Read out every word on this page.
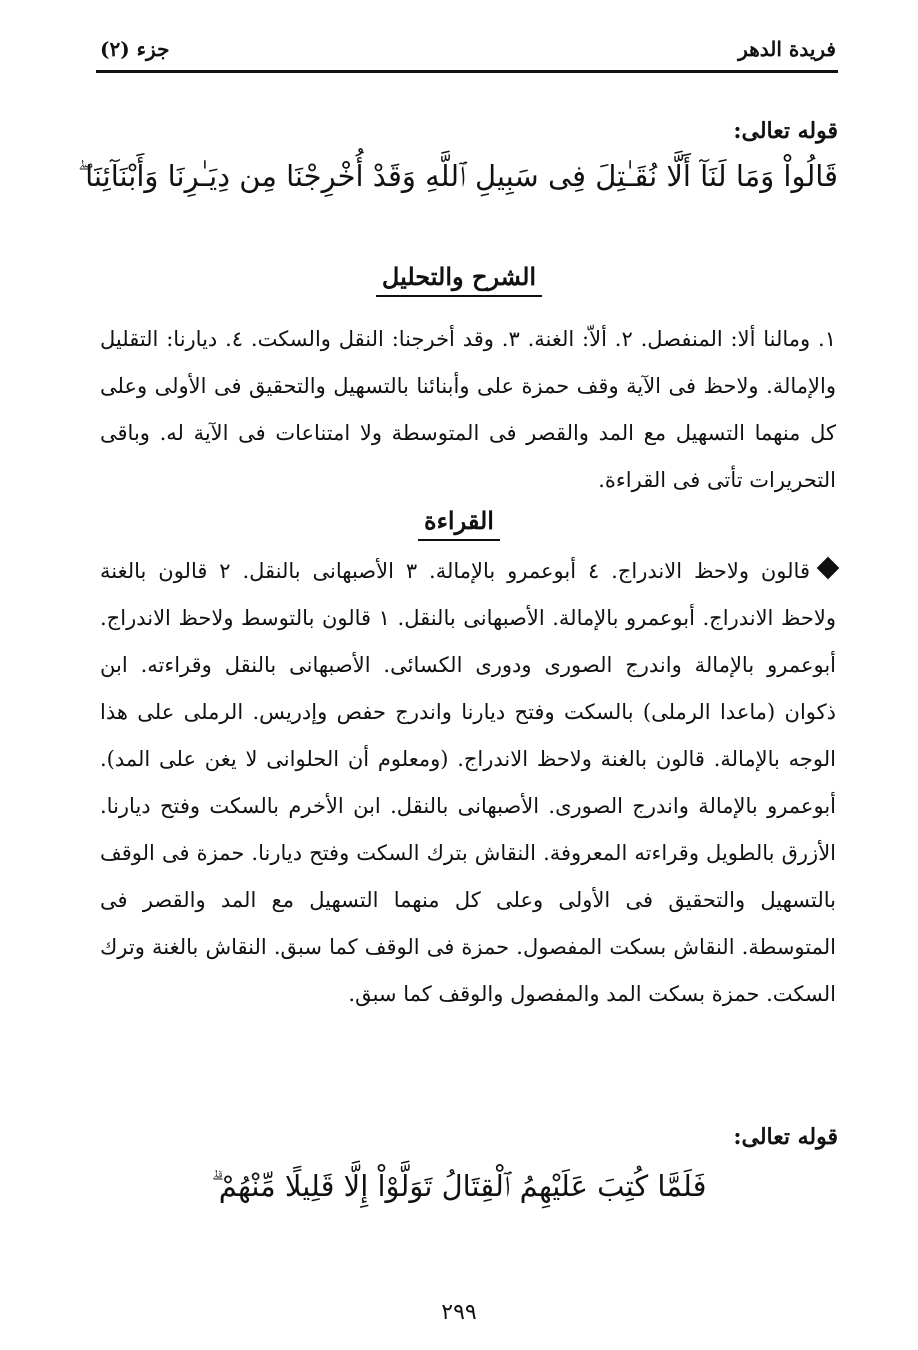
فريدة الدهر
جزء (٢)
قوله تعالى:
قَالُواْ وَمَا لَنَآ أَلَّا نُقَـٰتِلَ فِى سَبِيلِ ٱللَّهِ وَقَدْ أُخْرِجْنَا مِن دِيَـٰرِنَا وَأَبْنَآئِنَا ۖ
الشرح والتحليل

١. ومالنا ألا: المنفصل. ٢. ألاّ: الغنة. ٣. وقد أخرجنا: النقل والسكت. ٤. ديارنا: التقليل والإمالة. ولاحظ فى الآية وقف حمزة على وأبنائنا بالتسهيل والتحقيق فى الأولى وعلى كل منهما التسهيل مع المد والقصر فى المتوسطة ولا امتناعات فى الآية له. وباقى التحريرات تأتى فى القراءة.

القراءة

قالون ولاحظ الاندراج. ٤ أبوعمرو بالإمالة. ٣ الأصبهانى بالنقل. ٢ قالون بالغنة ولاحظ الاندراج. أبوعمرو بالإمالة. الأصبهانى بالنقل. ١ قالون بالتوسط ولاحظ الاندراج. أبوعمرو بالإمالة واندرج الصورى ودورى الكسائى. الأصبهانى بالنقل وقراءته. ابن ذكوان (ماعدا الرملى) بالسكت وفتح ديارنا واندرج حفص وإدريس. الرملى على هذا الوجه بالإمالة. قالون بالغنة ولاحظ الاندراج. (ومعلوم أن الحلوانى لا يغن على المد). أبوعمرو بالإمالة واندرج الصورى. الأصبهانى بالنقل. ابن الأخرم بالسكت وفتح ديارنا. الأزرق بالطويل وقراءته المعروفة. النقاش بترك السكت وفتح ديارنا. حمزة فى الوقف بالتسهيل والتحقيق فى الأولى وعلى كل منهما التسهيل مع المد والقصر فى المتوسطة. النقاش بسكت المفصول. حمزة فى الوقف كما سبق. النقاش بالغنة وترك السكت. حمزة بسكت المد والمفصول والوقف كما سبق.

قوله تعالى:
فَلَمَّا كُتِبَ عَلَيْهِمُ ٱلْقِتَالُ تَوَلَّوْاْ إِلَّا قَلِيلًا مِّنْهُمْ ۗ
٢٩٩
